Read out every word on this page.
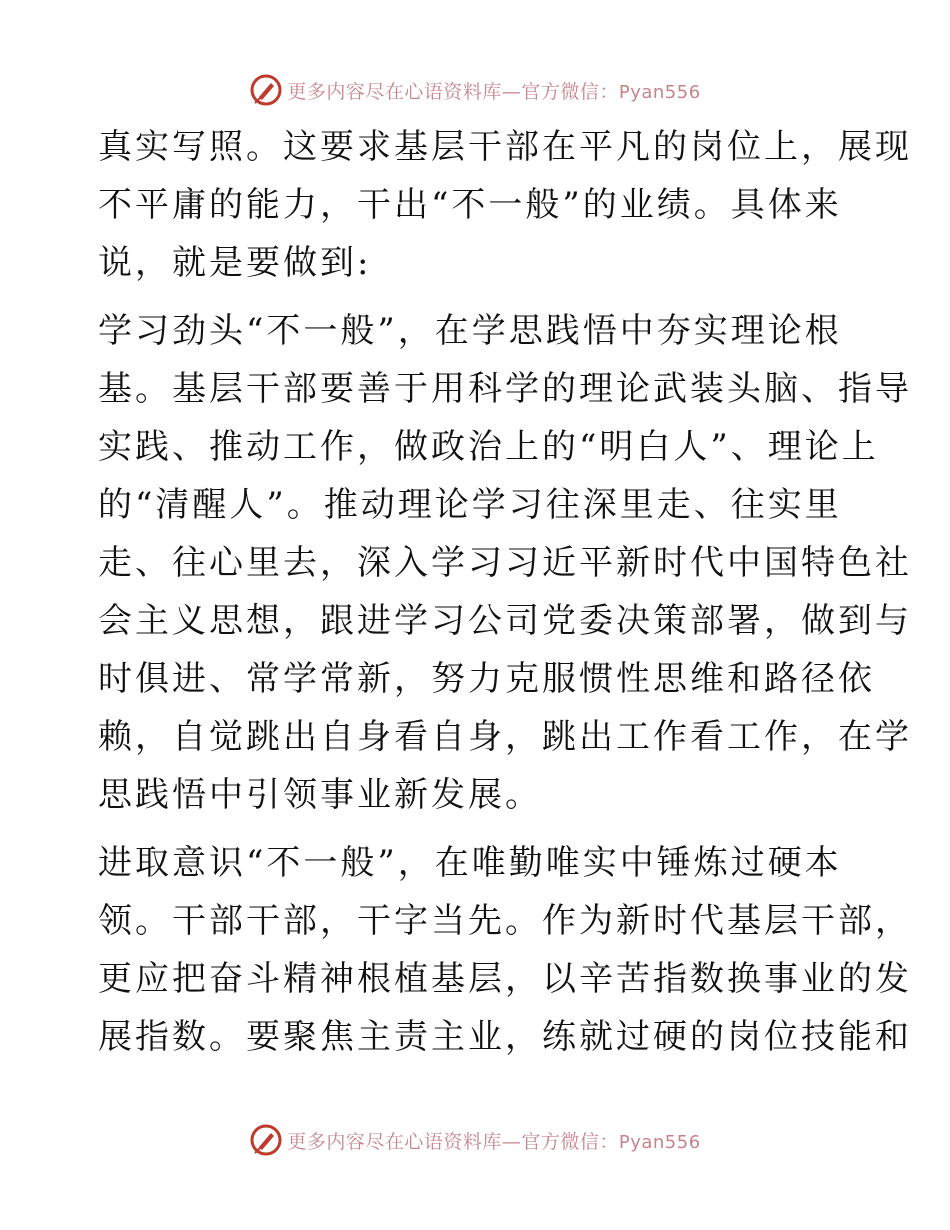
更多内容尽在心语资料库—官方微信：Pyan556
真实写照。这要求基层干部在平凡的岗位上，展现
不平庸的能力，干出“不一般”的业绩。具体来
说，就是要做到:
学习劲头“不一般”，在学思践悟中夯实理论根
基。基层干部要善于用科学的理论武装头脑、指导
实践、推动工作，做政治上的“明白人”、理论上
的“清醒人”。推动理论学习往深里走、往实里
走、往心里去，深入学习习近平新时代中国特色社
会主义思想，跟进学习公司党委决策部署，做到与
时俱进、常学常新，努力克服惯性思维和路径依
赖，自觉跳出自身看自身，跳出工作看工作，在学
思践悟中引领事业新发展。
进取意识“不一般”，在唯勤唯实中锤炼过硬本
领。干部干部，干字当先。作为新时代基层干部，
更应把奋斗精神根植基层，以辛苦指数换事业的发
展指数。要聚焦主责主业，练就过硬的岗位技能和
更多内容尽在心语资料库—官方微信：Pyan556
